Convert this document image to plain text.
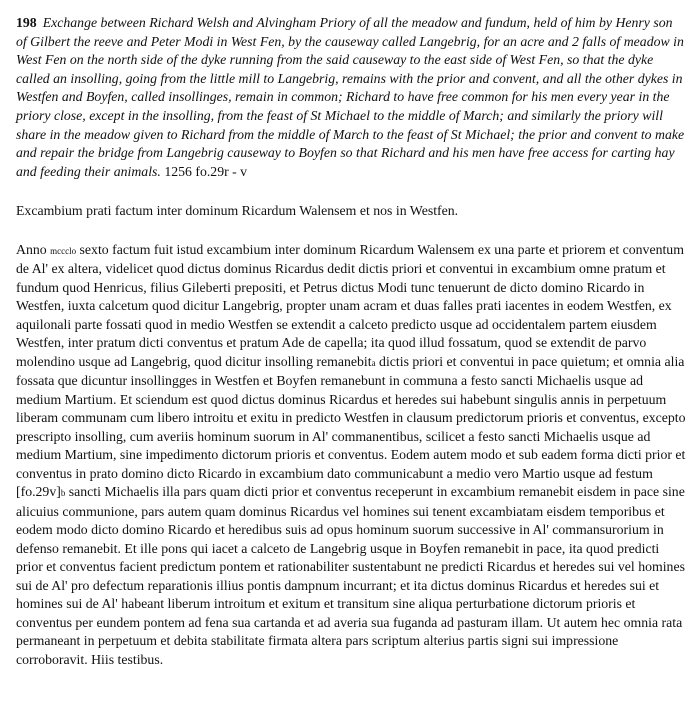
198 Exchange between Richard Welsh and Alvingham Priory of all the meadow and fundum, held of him by Henry son of Gilbert the reeve and Peter Modi in West Fen, by the causeway called Langebrig, for an acre and 2 falls of meadow in West Fen on the north side of the dyke running from the said causeway to the east side of West Fen, so that the dyke called an insolling, going from the little mill to Langebrig, remains with the prior and convent, and all the other dykes in Westfen and Boyfen, called insollinges, remain in common; Richard to have free common for his men every year in the priory close, except in the insolling, from the feast of St Michael to the middle of March; and similarly the priory will share in the meadow given to Richard from the middle of March to the feast of St Michael; the prior and convent to make and repair the bridge from Langebrig causeway to Boyfen so that Richard and his men have free access for carting hay and feeding their animals. 1256 fo.29r - v

Excambium prati factum inter dominum Ricardum Walensem et nos in Westfen.

Anno mccclo sexto factum fuit istud excambium inter dominum Ricardum Walensem ex una parte et priorem et conventum de Al' ex altera, videlicet quod dictus dominus Ricardus dedit dictis priori et conventui in excambium omne pratum et fundum quod Henricus, filius Gileberti prepositi, et Petrus dictus Modi tunc tenuerunt de dicto domino Ricardo in Westfen, iuxta calcetum quod dicitur Langebrig, propter unam acram et duas falles prati iacentes in eodem Westfen, ex aquilonali parte fossati quod in medio Westfen se extendit a calceto predicto usque ad occidentalem partem eiusdem Westfen, inter pratum dicti conventus et pratum Ade de capella; ita quod illud fossatum, quod se extendit de parvo molendino usque ad Langebrig, quod dicitur insolling remanebita dictis priori et conventui in pace quietum; et omnia alia fossata que dicuntur insollingges in Westfen et Boyfen remanebunt in communa a festo sancti Michaelis usque ad medium Martium. Et sciendum est quod dictus dominus Ricardus et heredes sui habebunt singulis annis in perpetuum liberam communam cum libero introitu et exitu in predicto Westfen in clausum predictorum prioris et conventus, excepto prescripto insolling, cum averiis hominum suorum in Al' commanentibus, scilicet a festo sancti Michaelis usque ad medium Martium, sine impedimento dictorum prioris et conventus. Eodem autem modo et sub eadem forma dicti prior et conventus in prato domino dicto Ricardo in excambium dato communicabunt a medio vero Martio usque ad festum [fo.29v]b sancti Michaelis illa pars quam dicti prior et conventus receperunt in excambium remanebit eisdem in pace sine alicuius communione, pars autem quam dominus Ricardus vel homines sui tenent excambiatam eisdem temporibus et eodem modo dicto domino Ricardo et heredibus suis ad opus hominum suorum successive in Al' commansurorium in defenso remanebit. Et ille pons qui iacet a calceto de Langebrig usque in Boyfen remanebit in pace, ita quod predicti prior et conventus facient predictum pontem et rationabiliter sustentabunt ne predicti Ricardus et heredes sui vel homines sui de Al' pro defectum reparationis illius pontis dampnum incurrant; et ita dictus dominus Ricardus et heredes sui et homines sui de Al' habeant liberum introitum et exitum et transitum sine aliqua perturbatione dictorum prioris et conventus per eundem pontem ad fena sua cartanda et ad averia sua fuganda ad pasturam illam. Ut autem hec omnia rata permaneant in perpetuum et debita stabilitate firmata altera pars scriptum alterius partis signi sui impressione corroboravit. Hiis testibus.
